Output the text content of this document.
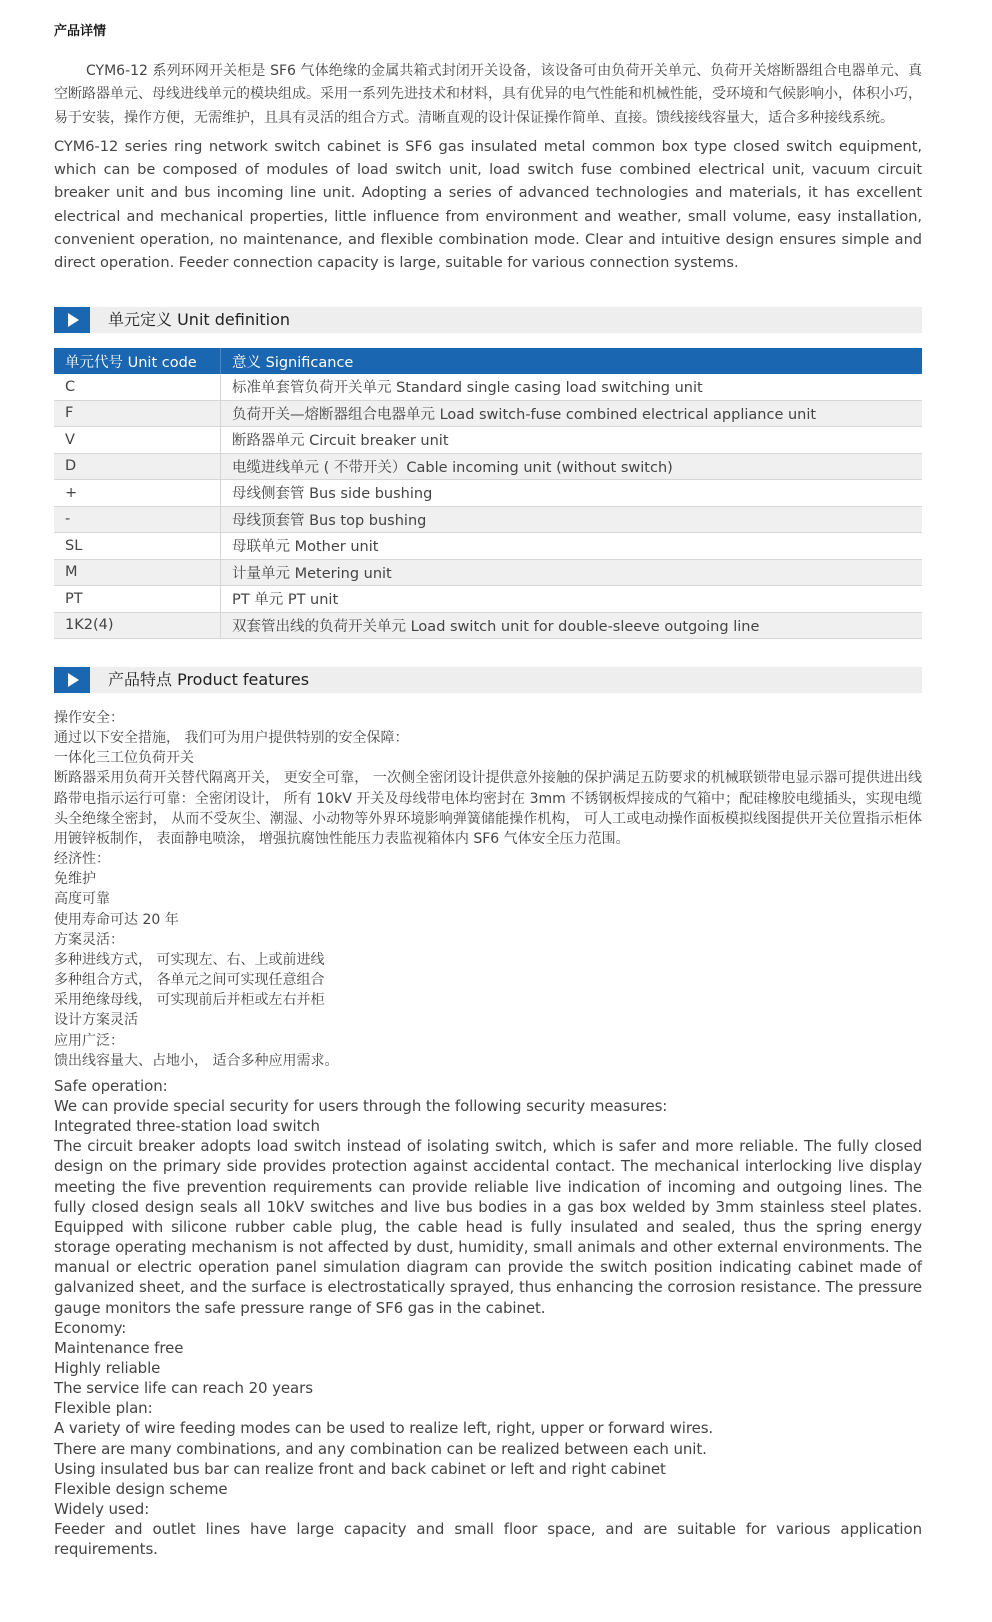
产品详情

CYM6-12 系列环网开关柜是 SF6 气体绝缘的金属共箱式封闭开关设备，该设备可由负荷开关单元、负荷开关熔断器组合电器单元、真空断路器单元、母线进线单元的模块组成。采用一系列先进技术和材料，具有优异的电气性能和机械性能，受环境和气候影响小，体积小巧，易于安装，操作方便，无需维护，且具有灵活的组合方式。清晰直观的设计保证操作简单、直接。馈线接线容量大，适合多种接线系统。

CYM6-12 series ring network switch cabinet is SF6 gas insulated metal common box type closed switch equipment, which can be composed of modules of load switch unit, load switch fuse combined electrical unit, vacuum circuit breaker unit and bus incoming line unit. Adopting a series of advanced technologies and materials, it has excellent electrical and mechanical properties, little influence from environment and weather, small volume, easy installation, convenient operation, no maintenance, and flexible combination mode. Clear and intuitive design ensures simple and direct operation. Feeder connection capacity is large, suitable for various connection systems.

单元定义 Unit definition
单元代号 Unit code	意义 Significance
C	标准单套管负荷开关单元 Standard single casing load switching unit
F	负荷开关—熔断器组合电器单元 Load switch-fuse combined electrical appliance unit
V	断路器单元 Circuit breaker unit
D	电缆进线单元 ( 不带开关）Cable incoming unit (without switch)
+	母线侧套管 Bus side bushing
-	母线顶套管 Bus top bushing
SL	母联单元 Mother unit
M	计量单元 Metering unit
PT	PT 单元 PT unit
1K2(4)	双套管出线的负荷开关单元 Load switch unit for double-sleeve outgoing line
产品特点 Product features
操作安全：
通过以下安全措施， 我们可为用户提供特别的安全保障：
一体化三工位负荷开关
断路器采用负荷开关替代隔离开关， 更安全可靠， 一次侧全密闭设计提供意外接触的保护满足五防要求的机械联锁带电显示器可提供进出线路带电指示运行可靠：全密闭设计， 所有 10kV 开关及母线带电体均密封在 3mm 不锈钢板焊接成的气箱中；配硅橡胶电缆插头，实现电缆头全绝缘全密封， 从而不受灰尘、潮湿、小动物等外界环境影响弹簧储能操作机构， 可人工或电动操作面板模拟线图提供开关位置指示柜体用镀锌板制作， 表面静电喷涂， 增强抗腐蚀性能压力表监视箱体内 SF6 气体安全压力范围。
经济性：
免维护
高度可靠
使用寿命可达 20 年
方案灵活：
多种进线方式， 可实现左、右、上或前进线
多种组合方式， 各单元之间可实现任意组合
采用绝缘母线， 可实现前后并柜或左右并柜
设计方案灵活
应用广泛：
馈出线容量大、占地小， 适合多种应用需求。
Safe operation:
We can provide special security for users through the following security measures:
Integrated three-station load switch
The circuit breaker adopts load switch instead of isolating switch, which is safer and more reliable. The fully closed design on the primary side provides protection against accidental contact. The mechanical interlocking live display meeting the five prevention requirements can provide reliable live indication of incoming and outgoing lines. The fully closed design seals all 10kV switches and live bus bodies in a gas box welded by 3mm stainless steel plates. Equipped with silicone rubber cable plug, the cable head is fully insulated and sealed, thus the spring energy storage operating mechanism is not affected by dust, humidity, small animals and other external environments. The manual or electric operation panel simulation diagram can provide the switch position indicating cabinet made of galvanized sheet, and the surface is electrostatically sprayed, thus enhancing the corrosion resistance. The pressure gauge monitors the safe pressure range of SF6 gas in the cabinet.
Economy:
Maintenance free
Highly reliable
The service life can reach 20 years
Flexible plan:
A variety of wire feeding modes can be used to realize left, right, upper or forward wires.
There are many combinations, and any combination can be realized between each unit.
Using insulated bus bar can realize front and back cabinet or left and right cabinet
Flexible design scheme
Widely used:
Feeder and outlet lines have large capacity and small floor space, and are suitable for various application requirements.
